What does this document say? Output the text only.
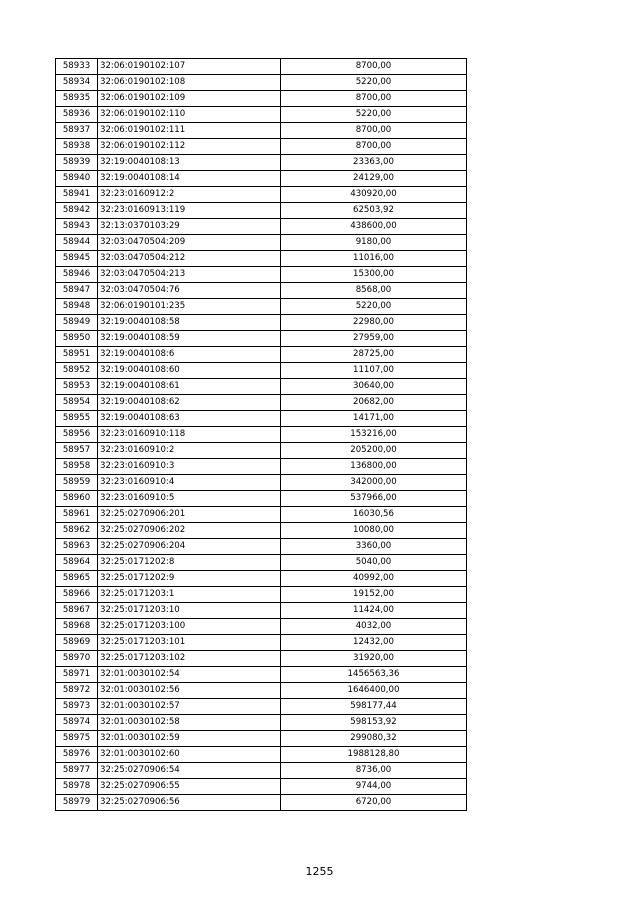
58933	32:06:0190102:107	8700,00
58934	32:06:0190102:108	5220,00
58935	32:06:0190102:109	8700,00
58936	32:06:0190102:110	5220,00
58937	32:06:0190102:111	8700,00
58938	32:06:0190102:112	8700,00
58939	32:19:0040108:13	23363,00
58940	32:19:0040108:14	24129,00
58941	32:23:0160912:2	430920,00
58942	32:23:0160913:119	62503,92
58943	32:13:0370103:29	438600,00
58944	32:03:0470504:209	9180,00
58945	32:03:0470504:212	11016,00
58946	32:03:0470504:213	15300,00
58947	32:03:0470504:76	8568,00
58948	32:06:0190101:235	5220,00
58949	32:19:0040108:58	22980,00
58950	32:19:0040108:59	27959,00
58951	32:19:0040108:6	28725,00
58952	32:19:0040108:60	11107,00
58953	32:19:0040108:61	30640,00
58954	32:19:0040108:62	20682,00
58955	32:19:0040108:63	14171,00
58956	32:23:0160910:118	153216,00
58957	32:23:0160910:2	205200,00
58958	32:23:0160910:3	136800,00
58959	32:23:0160910:4	342000,00
58960	32:23:0160910:5	537966,00
58961	32:25:0270906:201	16030,56
58962	32:25:0270906:202	10080,00
58963	32:25:0270906:204	3360,00
58964	32:25:0171202:8	5040,00
58965	32:25:0171202:9	40992,00
58966	32:25:0171203:1	19152,00
58967	32:25:0171203:10	11424,00
58968	32:25:0171203:100	4032,00
58969	32:25:0171203:101	12432,00
58970	32:25:0171203:102	31920,00
58971	32:01:0030102:54	1456563,36
58972	32:01:0030102:56	1646400,00
58973	32:01:0030102:57	598177,44
58974	32:01:0030102:58	598153,92
58975	32:01:0030102:59	299080,32
58976	32:01:0030102:60	1988128,80
58977	32:25:0270906:54	8736,00
58978	32:25:0270906:55	9744,00
58979	32:25:0270906:56	6720,00
1255
